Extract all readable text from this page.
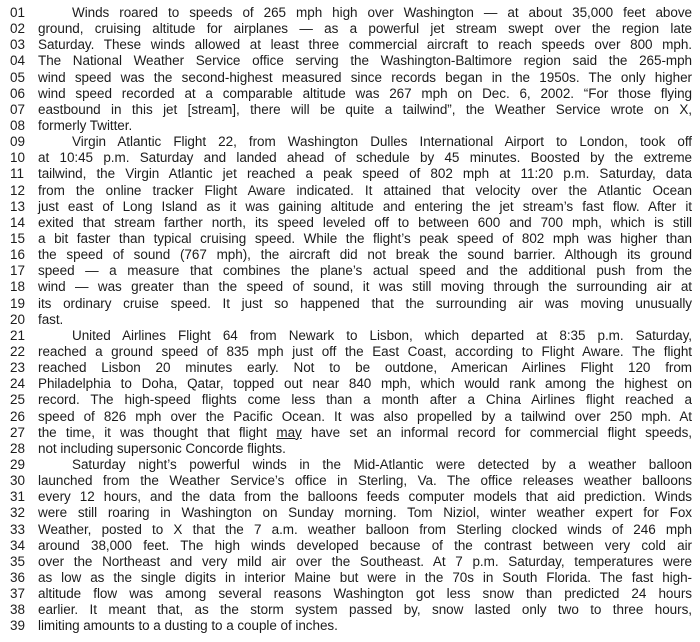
01	Winds roared to speeds of 265 mph high over Washington — at about 35,000 feet above
02 ground, cruising altitude for airplanes — as a powerful jet stream swept over the region late
03 Saturday. These winds allowed at least three commercial aircraft to reach speeds over 800 mph.
04 The National Weather Service office serving the Washington-Baltimore region said the 265-mph
05 wind speed was the second-highest measured since records began in the 1950s. The only higher
06 wind speed recorded at a comparable altitude was 267 mph on Dec. 6, 2002. “For those flying
07 eastbound in this jet [stream], there will be quite a tailwind”, the Weather Service wrote on X,
08 formerly Twitter.
09	Virgin Atlantic Flight 22, from Washington Dulles International Airport to London, took off
10 at 10:45 p.m. Saturday and landed ahead of schedule by 45 minutes. Boosted by the extreme
11	tailwind, the Virgin Atlantic jet reached a peak speed of 802 mph at 11:20 p.m. Saturday, data
12 from the online tracker Flight Aware indicated. It attained that velocity over the Atlantic Ocean
13 just east of Long Island as it was gaining altitude and entering the jet stream’s fast flow. After it
14 exited that stream farther north, its speed leveled off to between 600 and 700 mph, which is still
15 a bit faster than typical cruising speed. While the flight’s peak speed of 802 mph was higher than
16 the speed of sound (767 mph), the aircraft did not break the sound barrier. Although its ground
17 speed — a measure that combines the plane’s actual speed and the additional push from the
18 wind — was greater than the speed of sound, it was still moving through the surrounding air at
19 its ordinary cruise speed. It just so happened that the surrounding air was moving unusually
20 fast.
21	United Airlines Flight 64 from Newark to Lisbon, which departed at 8:35 p.m. Saturday,
22 reached a ground speed of 835 mph just off the East Coast, according to Flight Aware. The flight
23 reached Lisbon 20 minutes early. Not to be outdone, American Airlines Flight 120 from
24 Philadelphia to Doha, Qatar, topped out near 840 mph, which would rank among the highest on
25 record. The high-speed flights come less than a month after a China Airlines flight reached a
26 speed of 826 mph over the Pacific Ocean. It was also propelled by a tailwind over 250 mph. At
27 the time, it was thought that flight may have set an informal record for commercial flight speeds,
28 not including supersonic Concorde flights.
29	Saturday night’s powerful winds in the Mid-Atlantic were detected by a weather balloon
30 launched from the Weather Service’s office in Sterling, Va. The office releases weather balloons
31 every 12 hours, and the data from the balloons feeds computer models that aid prediction. Winds
32 were still roaring in Washington on Sunday morning. Tom Niziol, winter weather expert for Fox
33 Weather, posted to X that the 7 a.m. weather balloon from Sterling clocked winds of 246 mph
34 around 38,000 feet. The high winds developed because of the contrast between very cold air
35 over the Northeast and very mild air over the Southeast. At 7 p.m. Saturday, temperatures were
36 as low as the single digits in interior Maine but were in the 70s in South Florida. The fast high-
37 altitude flow was among several reasons Washington got less snow than predicted 24 hours
38 earlier. It meant that, as the storm system passed by, snow lasted only two to three hours,
39 limiting amounts to a dusting to a couple of inches.
